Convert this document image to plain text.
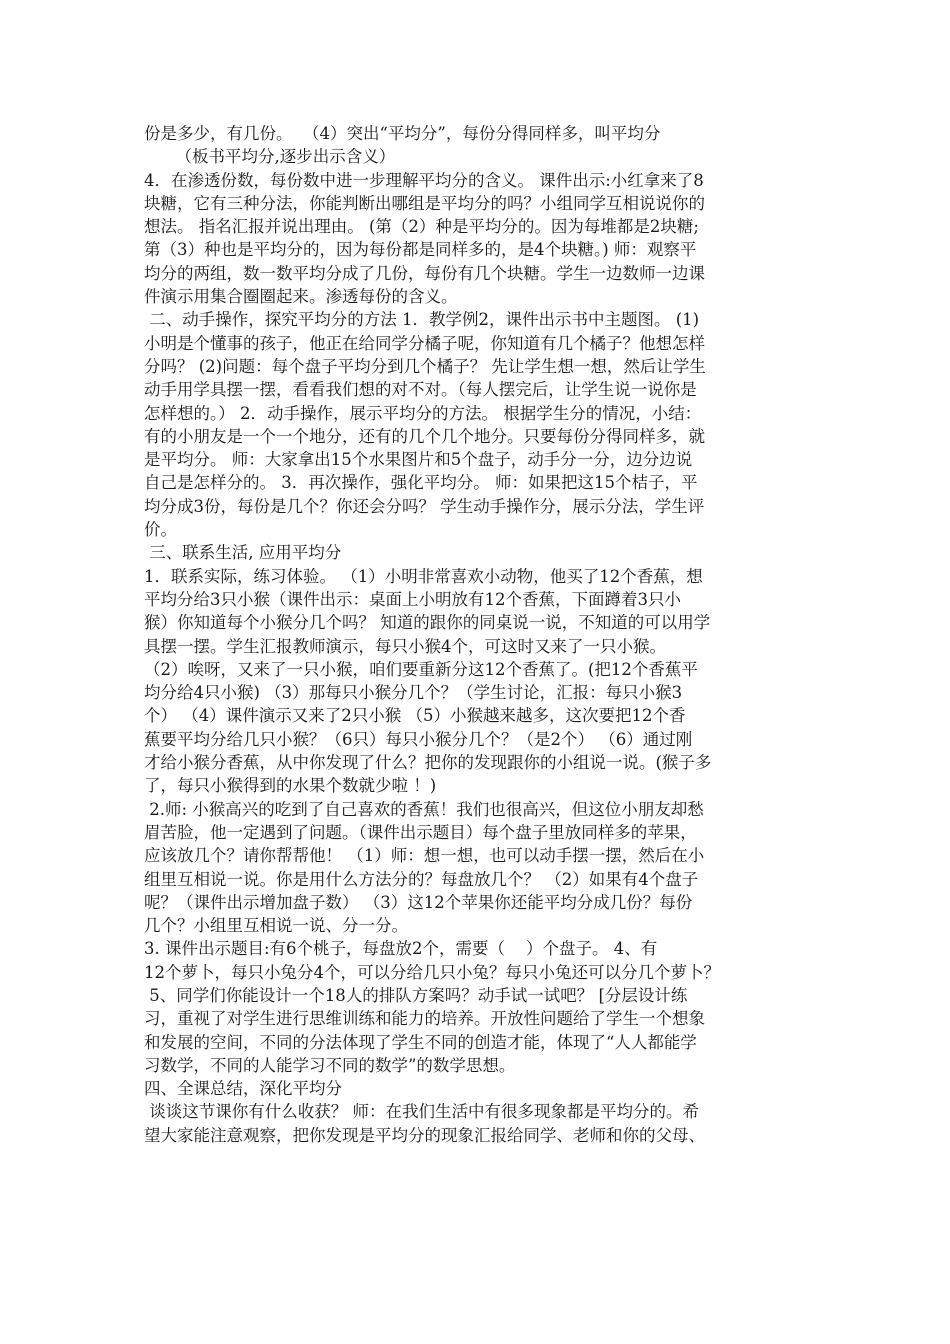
份是多少，有几份。  （4）突出“平均分”，每份分得同样多，叫平均分
（板书平均分,逐步出示含义）
4．在渗透份数，每份数中进一步理解平均分的含义。 课件出示:小红拿来了8
块糖，它有三种分法，你能判断出哪组是平均分的吗？小组同学互相说说你的
想法。 指名汇报并说出理由。 (第（2）种是平均分的。因为每堆都是2块糖;
第（3）种也是平均分的，因为每份都是同样多的，是4个块糖。) 师：观察平
均分的两组，数一数平均分成了几份，每份有几个块糖。学生一边数师一边课
件演示用集合圈圈起来。渗透每份的含义。
二、动手操作，探究平均分的方法 1．教学例2，课件出示书中主题图。 (1)
小明是个懂事的孩子，他正在给同学分橘子呢，你知道有几个橘子？他想怎样
分吗？ (2)问题：每个盘子平均分到几个橘子？ 先让学生想一想，然后让学生
动手用学具摆一摆，看看我们想的对不对。（每人摆完后，让学生说一说你是
怎样想的。） 2．动手操作，展示平均分的方法。 根据学生分的情况，小结：
有的小朋友是一个一个地分，还有的几个几个地分。只要每份分得同样多，就
是平均分。 师：大家拿出15个水果图片和5个盘子，动手分一分，边分边说
自己是怎样分的。 3．再次操作，强化平均分。 师：如果把这15个桔子，平
均分成3份，每份是几个？你还会分吗？ 学生动手操作分，展示分法，学生评
价。
三、联系生活, 应用平均分
1．联系实际，练习体验。 （1）小明非常喜欢小动物，他买了12个香蕉，想
平均分给3只小猴（课件出示：桌面上小明放有12个香蕉，下面蹲着3只小
猴）你知道每个小猴分几个吗？ 知道的跟你的同桌说一说，不知道的可以用学
具摆一摆。学生汇报教师演示，每只小猴4个，可这时又来了一只小猴。
（2）唉呀，又来了一只小猴，咱们要重新分这12个香蕉了。(把12个香蕉平
均分给4只小猴) （3）那每只小猴分几个？（学生讨论，汇报：每只小猴3
个） （4）课件演示又来了2只小猴 （5）小猴越来越多，这次要把12个香
蕉要平均分给几只小猴？（6只）每只小猴分几个？（是2个） （6）通过刚
才给小猴分香蕉，从中你发现了什么？把你的发现跟你的小组说一说。(猴子多
了，每只小猴得到的水果个数就少啦 ！)
2.师: 小猴高兴的吃到了自己喜欢的香蕉！我们也很高兴，但这位小朋友却愁
眉苦脸，他一定遇到了问题。（课件出示题目）每个盘子里放同样多的苹果，
应该放几个？请你帮帮他！ （1）师：想一想，也可以动手摆一摆，然后在小
组里互相说一说。你是用什么方法分的？每盘放几个？ （2）如果有4个盘子
呢？（课件出示增加盘子数） （3）这12个苹果你还能平均分成几份？每份
几个？小组里互相说一说、分一分。
3. 课件出示题目:有6个桃子，每盘放2个，需要（    ）个盘子。 4、有
12个萝卜，每只小兔分4个，可以分给几只小兔？每只小兔还可以分几个萝卜？
5、同学们你能设计一个18人的排队方案吗？动手试一试吧？ [分层设计练
习，重视了对学生进行思维训练和能力的培养。开放性问题给了学生一个想象
和发展的空间，不同的分法体现了学生不同的创造才能，体现了“人人都能学
习数学，不同的人能学习不同的数学”的数学思想。
四、全课总结，深化平均分
谈谈这节课你有什么收获？ 师：在我们生活中有很多现象都是平均分的。希
望大家能注意观察，把你发现是平均分的现象汇报给同学、老师和你的父母、
